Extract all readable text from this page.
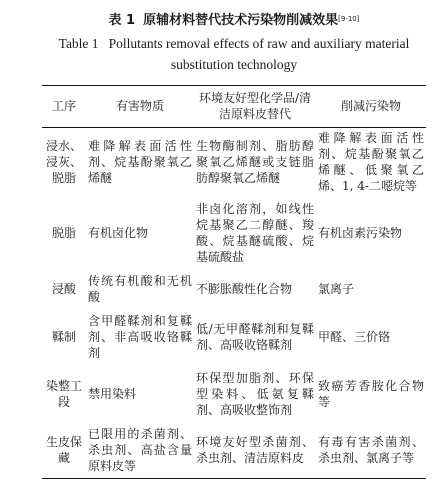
表 1 原辅材料替代技术污染物削减效果[9-10]
Table 1 Pollutants removal effects of raw and auxiliary material substitution technology
工序	有害物质	环境友好型化学品/清洁原料皮替代	削减污染物
浸水、浸灰、脱脂	难降解表面活性剂、烷基酚聚氧乙烯醚	生物酶制剂、脂肪醇聚氧乙烯醚或支链脂肪醇聚氧乙烯醚	难降解表面活性剂、烷基酚聚氧乙烯醚、低聚氧乙烯、1, 4-二噁烷等
脱脂	有机卤化物	非卤化溶剂，如线性烷基聚乙二醇醚、羧酸、烷基醚硫酸、烷基硫酸盐	有机卤素污染物
浸酸	传统有机酸和无机酸	不膨胀酸性化合物	氯离子
鞣制	含甲醛鞣剂和复鞣剂、非高吸收铬鞣剂	低/无甲醛鞣剂和复鞣剂、高吸收铬鞣剂	甲醛、三价铬
染整工段	禁用染料	环保型加脂剂、环保型染料、低氨复鞣剂、高吸收整饰剂	致癌芳香胺化合物等
生皮保藏	已限用的杀菌剂、杀虫剂、高盐含量原料皮等	环境友好型杀菌剂、杀虫剂、清洁原料皮	有毒有害杀菌剂、杀虫剂、氯离子等
